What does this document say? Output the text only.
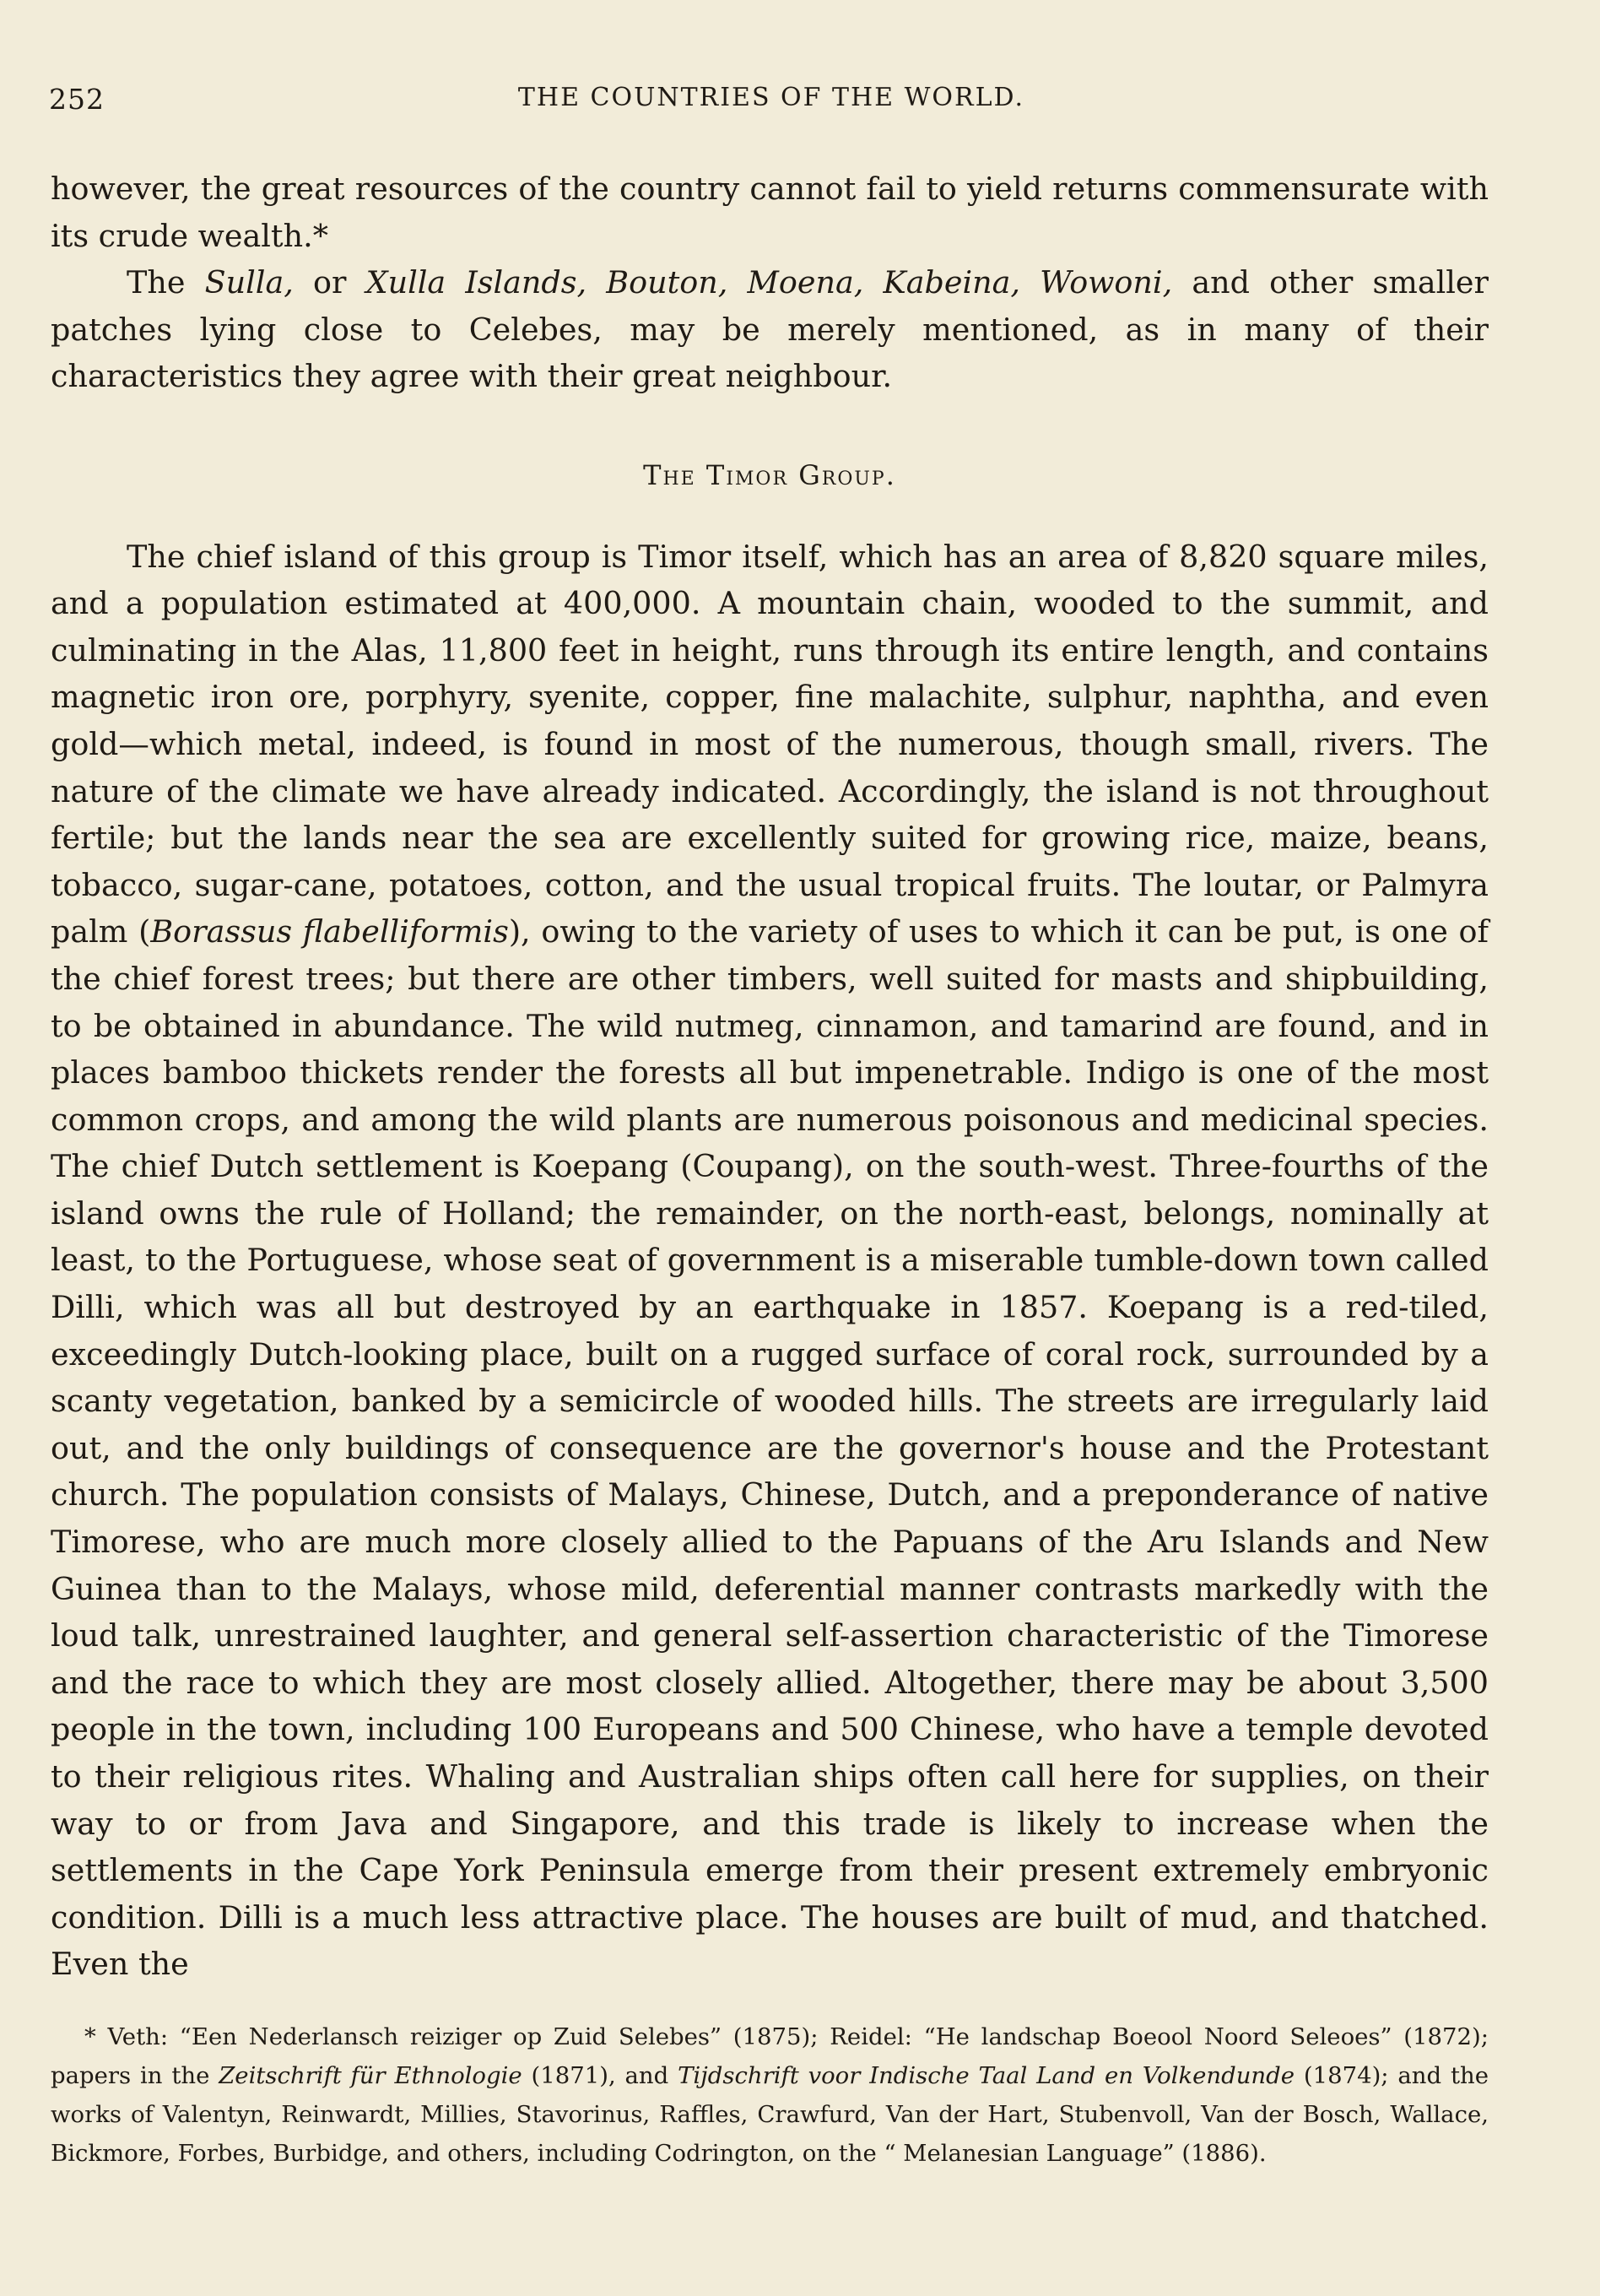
252	THE COUNTRIES OF THE WORLD.

however, the great resources of the country cannot fail to yield returns commensurate with its crude wealth.*

The Sulla, or Xulla Islands, Bouton, Moena, Kabeina, Wowoni, and other smaller patches lying close to Celebes, may be merely mentioned, as in many of their characteristics they agree with their great neighbour.

The Timor Group.

The chief island of this group is Timor itself, which has an area of 8,820 square miles, and a population estimated at 400,000. A mountain chain, wooded to the summit, and culminating in the Alas, 11,800 feet in height, runs through its entire length, and contains magnetic iron ore, porphyry, syenite, copper, fine malachite, sulphur, naphtha, and even gold—which metal, indeed, is found in most of the numerous, though small, rivers. The nature of the climate we have already indicated. Accordingly, the island is not throughout fertile; but the lands near the sea are excellently suited for growing rice, maize, beans, tobacco, sugar-cane, potatoes, cotton, and the usual tropical fruits. The loutar, or Palmyra palm (Borassus flabelliformis), owing to the variety of uses to which it can be put, is one of the chief forest trees; but there are other timbers, well suited for masts and shipbuilding, to be obtained in abundance. The wild nutmeg, cinnamon, and tamarind are found, and in places bamboo thickets render the forests all but impenetrable. Indigo is one of the most common crops, and among the wild plants are numerous poisonous and medicinal species. The chief Dutch settlement is Koepang (Coupang), on the south-west. Three-fourths of the island owns the rule of Holland; the remainder, on the north-east, belongs, nominally at least, to the Portuguese, whose seat of government is a miserable tumble-down town called Dilli, which was all but destroyed by an earthquake in 1857. Koepang is a red-tiled, exceedingly Dutch-looking place, built on a rugged surface of coral rock, surrounded by a scanty vegetation, banked by a semicircle of wooded hills. The streets are irregularly laid out, and the only buildings of consequence are the governor's house and the Protestant church. The population consists of Malays, Chinese, Dutch, and a preponderance of native Timorese, who are much more closely allied to the Papuans of the Aru Islands and New Guinea than to the Malays, whose mild, deferential manner contrasts markedly with the loud talk, unrestrained laughter, and general self-assertion characteristic of the Timorese and the race to which they are most closely allied. Altogether, there may be about 3,500 people in the town, including 100 Europeans and 500 Chinese, who have a temple devoted to their religious rites. Whaling and Australian ships often call here for supplies, on their way to or from Java and Singapore, and this trade is likely to increase when the settlements in the Cape York Peninsula emerge from their present extremely embryonic condition. Dilli is a much less attractive place. The houses are built of mud, and thatched. Even the

* Veth: “Een Nederlansch reiziger op Zuid Selebes” (1875); Reidel: “He landschap Boeool Noord Seleoes” (1872); papers in the Zeitschrift für Ethnologie (1871), and Tijdschrift voor Indische Taal Land en Volkendunde (1874); and the works of Valentyn, Reinwardt, Millies, Stavorinus, Raffles, Crawfurd, Van der Hart, Stubenvoll, Van der Bosch, Wallace, Bickmore, Forbes, Burbidge, and others, including Codrington, on the “ Melanesian Language” (1886).
